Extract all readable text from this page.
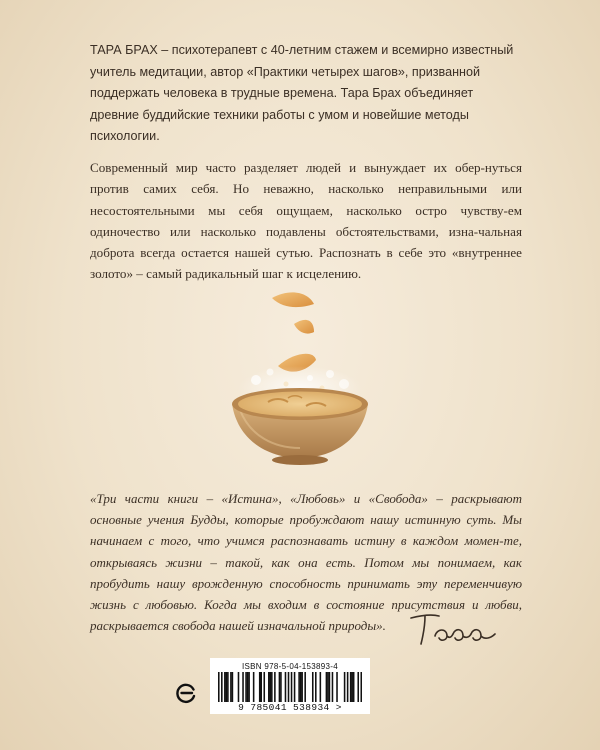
ТАРА БРАХ – психотерапевт с 40-летним стажем и всемирно известный учитель медитации, автор «Практики четырех шагов», призванной поддержать человека в трудные времена. Тара Брах объединяет древние буддийские техники работы с умом и новейшие методы психологии.

Современный мир часто разделяет людей и вынуждает их обер-нуться против самих себя. Но неважно, насколько неправильными или несостоятельными мы себя ощущаем, насколько остро чувству-ем одиночество или насколько подавлены обстоятельствами, изна-чальная доброта всегда остается нашей сутью. Распознать в себе это «внутреннее золото» – самый радикальный шаг к исцелению.

«Три части книги – «Истина», «Любовь» и «Свобода» – раскрывают основные учения Будды, которые пробуждают нашу истинную суть. Мы начинаем с того, что учимся распознавать истину в каждом момен-те, открываясь жизни – такой, как она есть. Потом мы понимаем, как пробудить нашу врожденную способность принимать эту переменчивую жизнь с любовью. Когда мы входим в состояние присутствия и любви, раскрывается свобода нашей изначальной природы».

ISBN 978-5-04-153893-4
9 785041 538934 >
